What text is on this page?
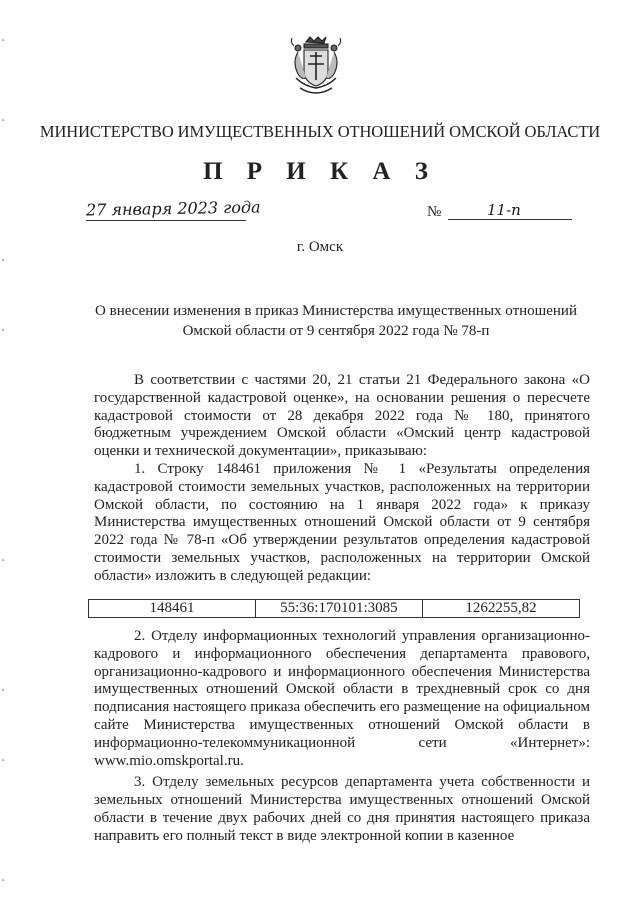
МИНИСТЕРСТВО ИМУЩЕСТВЕННЫХ ОТНОШЕНИЙ ОМСКОЙ ОБЛАСТИ
П Р И К А З
27 января 2023 года	№	11-п
г. Омск
О внесении изменения в приказ Министерства имущественных отношений
Омской области от 9 сентября 2022 года № 78-п

В соответствии с частями 20, 21 статьи 21 Федерального закона «О государственной кадастровой оценке», на основании решения о пересчете кадастровой стоимости от 28 декабря 2022 года № 180, принятого бюджетным учреждением Омской области «Омский центр кадастровой оценки и технической документации», приказываю:

1. Строку 148461 приложения № 1 «Результаты определения кадастровой стоимости земельных участков, расположенных на территории Омской области, по состоянию на 1 января 2022 года» к приказу Министерства имущественных отношений Омской области от 9 сентября 2022 года № 78-п «Об утверждении результатов определения кадастровой стоимости земельных участков, расположенных на территории Омской области» изложить в следующей редакции:

148461	55:36:170101:3085	1262255,82

2. Отделу информационных технологий управления организационно-кадрового и информационного обеспечения департамента правового, организационно-кадрового и информационного обеспечения Министерства имущественных отношений Омской области в трехдневный срок со дня подписания настоящего приказа обеспечить его размещение на официальном сайте Министерства имущественных отношений Омской области в информационно-телекоммуникационной сети «Интернет»: www.mio.omskportal.ru.

3. Отделу земельных ресурсов департамента учета собственности и земельных отношений Министерства имущественных отношений Омской области в течение двух рабочих дней со дня принятия настоящего приказа направить его полный текст в виде электронной копии в казенное
